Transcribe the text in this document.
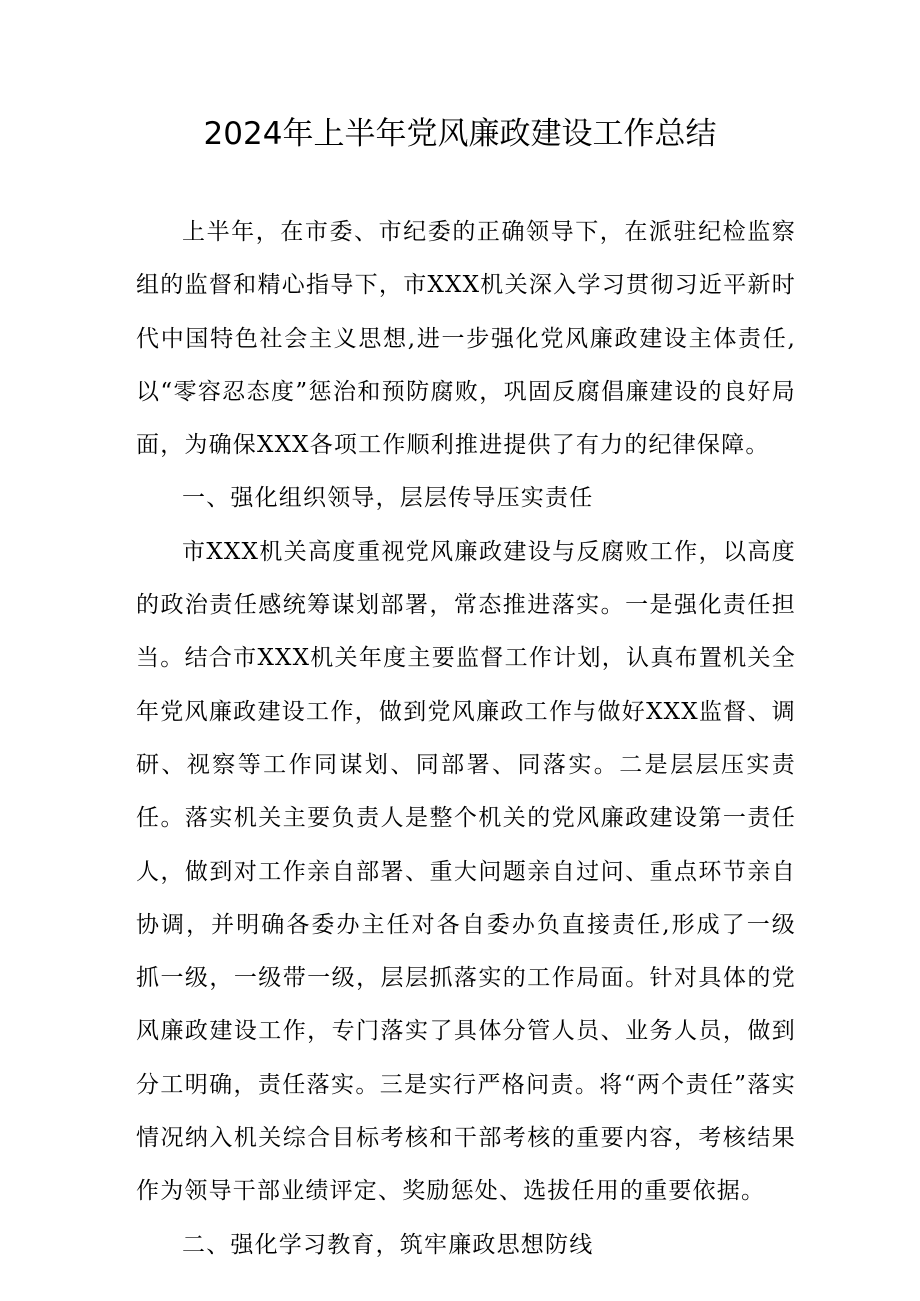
2024年上半年党风廉政建设工作总结

上半年，在市委、市纪委的正确领导下，在派驻纪检监察组的监督和精心指导下，市XXX机关深入学习贯彻习近平新时代中国特色社会主义思想,进一步强化党风廉政建设主体责任,以“零容忍态度”惩治和预防腐败，巩固反腐倡廉建设的良好局面，为确保XXX各项工作顺利推进提供了有力的纪律保障。

一、强化组织领导，层层传导压实责任

市XXX机关高度重视党风廉政建设与反腐败工作，以高度的政治责任感统筹谋划部署，常态推进落实。一是强化责任担当。结合市XXX机关年度主要监督工作计划，认真布置机关全年党风廉政建设工作，做到党风廉政工作与做好XXX监督、调研、视察等工作同谋划、同部署、同落实。二是层层压实责任。落实机关主要负责人是整个机关的党风廉政建设第一责任人，做到对工作亲自部署、重大问题亲自过问、重点环节亲自协调，并明确各委办主任对各自委办负直接责任,形成了一级抓一级，一级带一级，层层抓落实的工作局面。针对具体的党风廉政建设工作，专门落实了具体分管人员、业务人员，做到分工明确，责任落实。三是实行严格问责。将“两个责任”落实情况纳入机关综合目标考核和干部考核的重要内容，考核结果作为领导干部业绩评定、奖励惩处、选拔任用的重要依据。

二、强化学习教育，筑牢廉政思想防线
